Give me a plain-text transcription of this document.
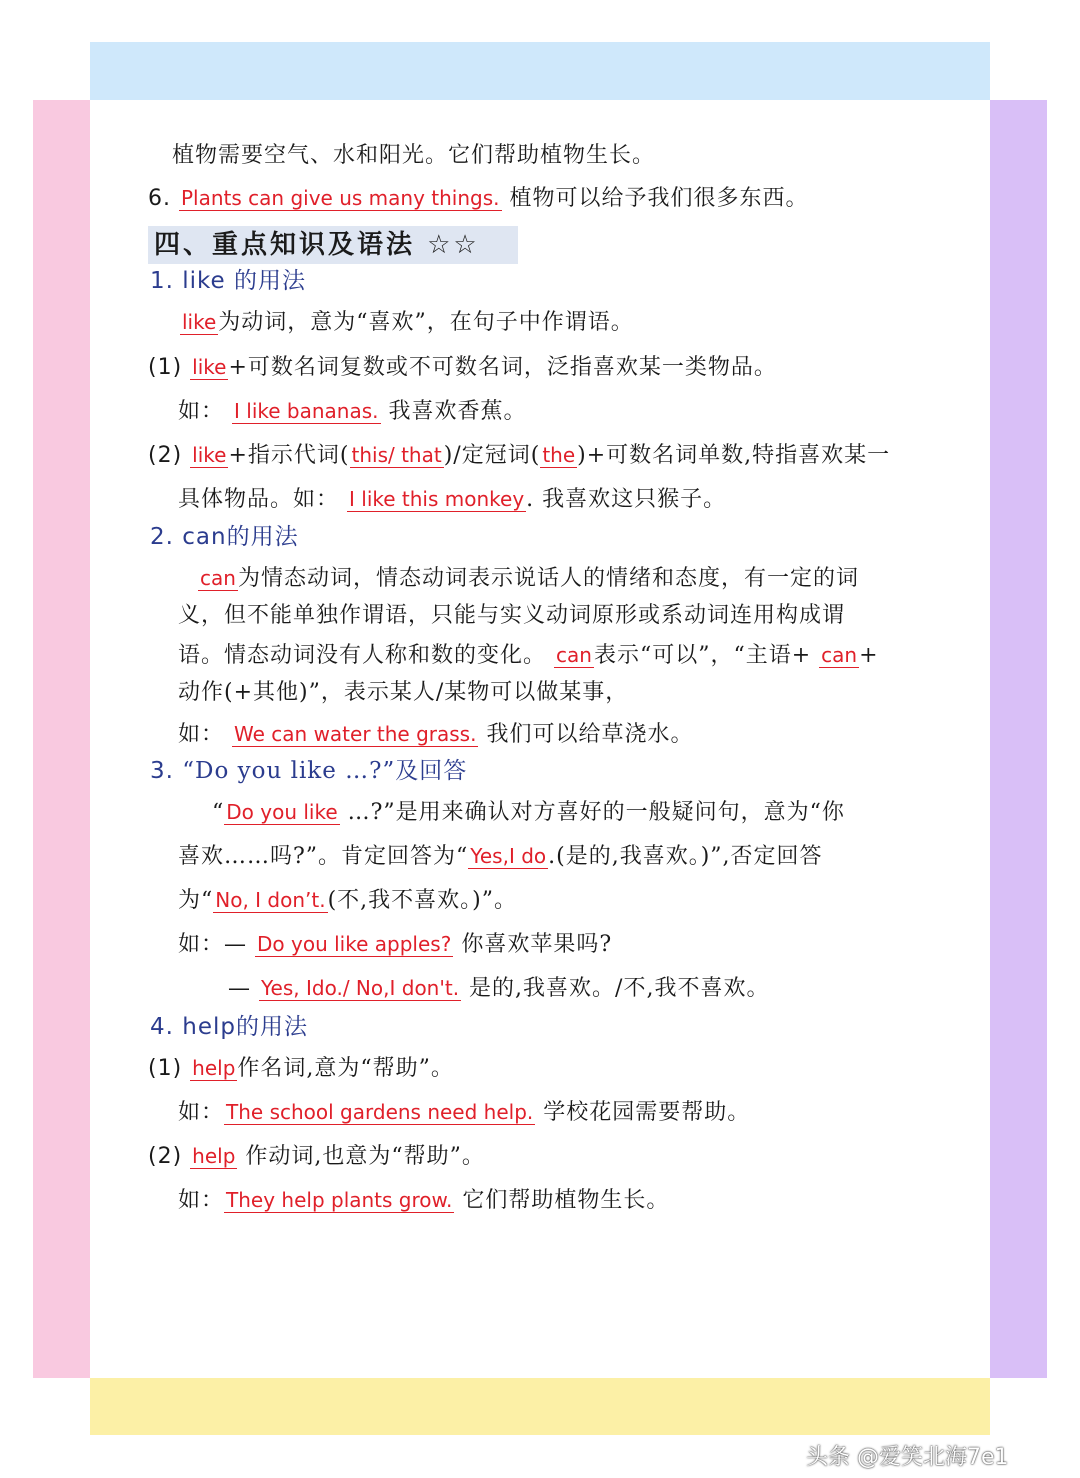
植物需要空气、水和阳光。它们帮助植物生长。
6. Plants can give us many things. 植物可以给予我们很多东西。
四、重点知识及语法 ☆☆
1. like 的用法
like为动词，意为“喜欢”，在句子中作谓语。
(1) like+可数名词复数或不可数名词，泛指喜欢某一类物品。
如： I like bananas. 我喜欢香蕉。
(2) like+指示代词( this/ that)/定冠词( the)+可数名词单数,特指喜欢某一
具体物品。如： I like this monkey. 我喜欢这只猴子。
2. can的用法
can为情态动词，情态动词表示说话人的情绪和态度，有一定的词
义，但不能单独作谓语，只能与实义动词原形或系动词连用构成谓
语。情态动词没有人称和数的变化。 can表示“可以”，“主语+ can+
动作(+其他)”，表示某人/某物可以做某事，
如： We can water the grass. 我们可以给草浇水。
3. “Do you like …?”及回答
“ Do you like …?”是用来确认对方喜好的一般疑问句，意为“你
喜欢……吗?”。肯定回答为“ Yes,I do.(是的,我喜欢。)”,否定回答
为“ No, I don’t.(不,我不喜欢。)”。
如：— Do you like apples? 你喜欢苹果吗?
— Yes, Ido./ No,I don't. 是的,我喜欢。/不,我不喜欢。
4. help的用法
(1) help作名词,意为“帮助”。
如： The school gardens need help. 学校花园需要帮助。
(2) help 作动词,也意为“帮助”。
如： They help plants grow. 它们帮助植物生长。
头条 @爱笑北海7e1
